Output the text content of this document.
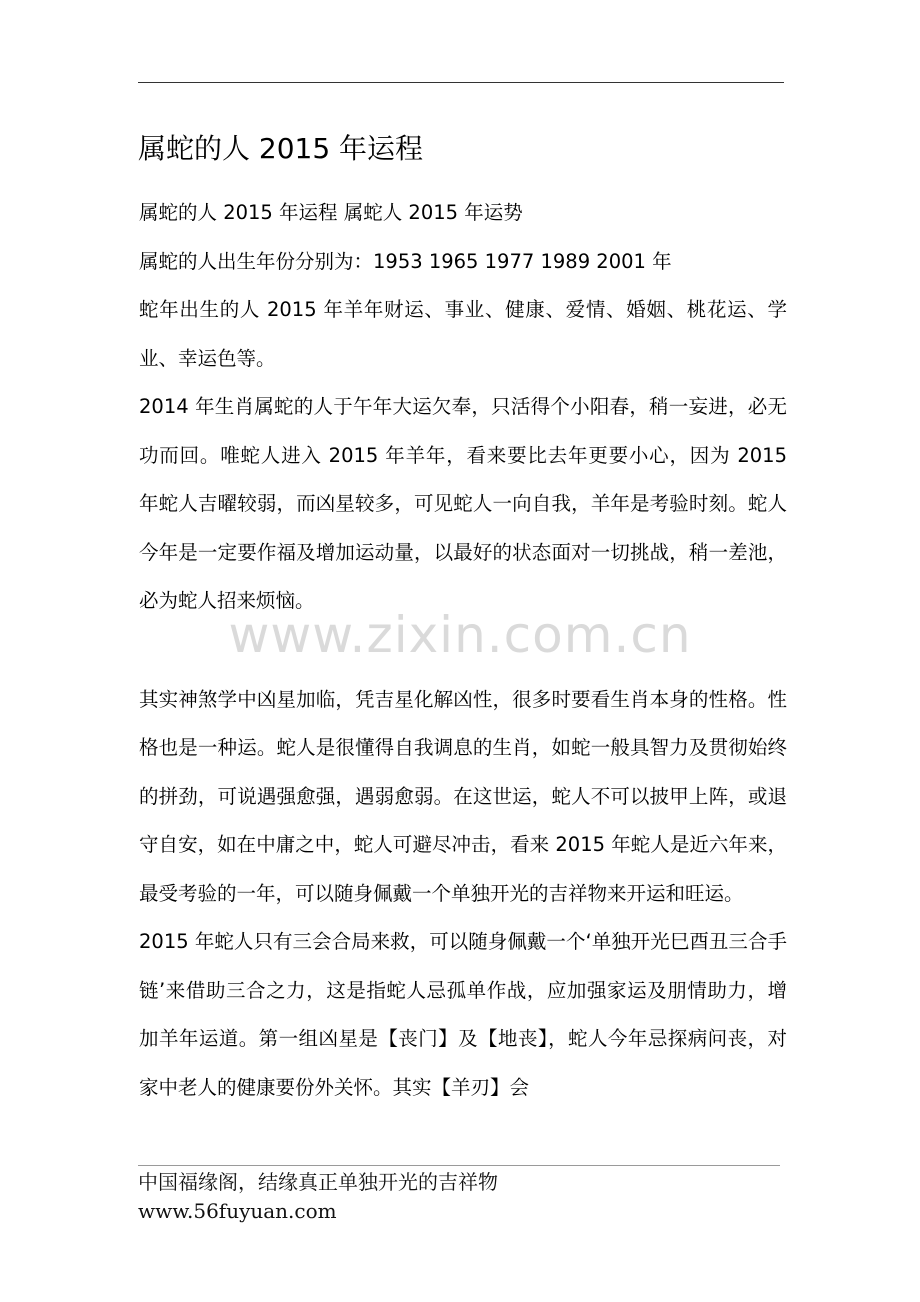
属蛇的人 2015 年运程

属蛇的人 2015 年运程 属蛇人 2015 年运势

属蛇的人出生年份分别为：1953 1965 1977 1989 2001 年

蛇年出生的人 2015 年羊年财运、事业、健康、爱情、婚姻、桃花运、学业、幸运色等。

2014 年生肖属蛇的人于午年大运欠奉，只活得个小阳春，稍一妄进，必无功而回。唯蛇人进入 2015 年羊年，看来要比去年更要小心，因为 2015 年蛇人吉曜较弱，而凶星较多，可见蛇人一向自我，羊年是考验时刻。蛇人今年是一定要作福及增加运动量，以最好的状态面对一切挑战，稍一差池，必为蛇人招来烦恼。

其实神煞学中凶星加临，凭吉星化解凶性，很多时要看生肖本身的性格。性格也是一种运。蛇人是很懂得自我调息的生肖，如蛇一般具智力及贯彻始终的拼劲，可说遇强愈强，遇弱愈弱。在这世运，蛇人不可以披甲上阵，或退守自安，如在中庸之中，蛇人可避尽冲击，看来 2015 年蛇人是近六年来，最受考验的一年，可以随身佩戴一个单独开光的吉祥物来开运和旺运。

2015 年蛇人只有三会合局来救，可以随身佩戴一个‘单独开光巳酉丑三合手链’来借助三合之力，这是指蛇人忌孤单作战，应加强家运及朋情助力，增加羊年运道。第一组凶星是【丧门】及【地丧】，蛇人今年忌探病问丧，对家中老人的健康要份外关怀。其实【羊刃】会

www.zixin.com.cn
中国福缘阁，结缘真正单独开光的吉祥物
www.56fuyuan.com
